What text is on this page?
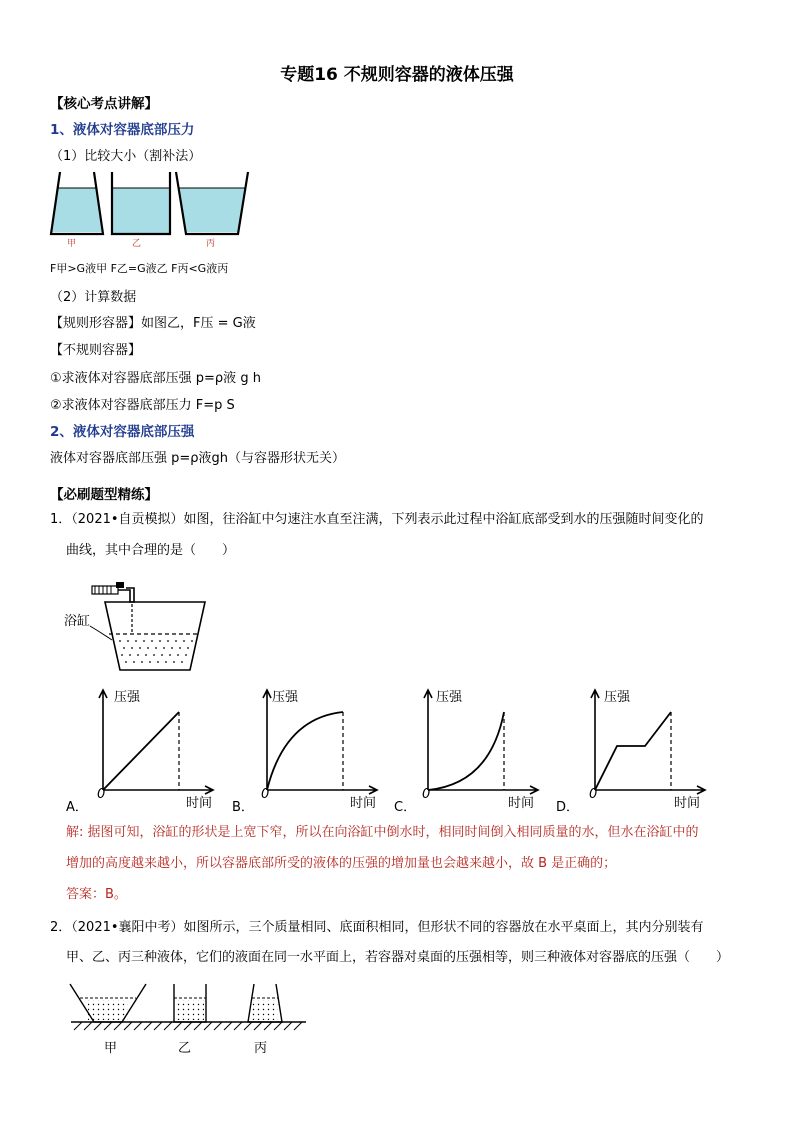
专题16 不规则容器的液体压强
【核心考点讲解】
1、液体对容器底部压力
（1）比较大小（割补法）
甲	乙	丙
F甲>G液甲 F乙=G液乙 F丙<G液丙
（2）计算数据
【规则形容器】如图乙，F压 = G液
【不规则容器】
①求液体对容器底部压强 p=ρ液 g h
②求液体对容器底部压力 F=p S
2、液体对容器底部压强
液体对容器底部压强 p=ρ液gh（与容器形状无关）
【必刷题型精练】
1．（2021•自贡模拟）如图，往浴缸中匀速注水直至注满，下列表示此过程中浴缸底部受到水的压强随时间变化的
曲线，其中合理的是（　　）
浴缸
压强	压强	压强	压强
时间	时间	时间	时间
0	0	0	0
A．	B．	C．	D．
解: 据图可知，浴缸的形状是上宽下窄，所以在向浴缸中倒水时，相同时间倒入相同质量的水，但水在浴缸中的
增加的高度越来越小，所以容器底部所受的液体的压强的增加量也会越来越小，故 B 是正确的；
答案：B。
2．（2021•襄阳中考）如图所示，三个质量相同、底面积相同，但形状不同的容器放在水平桌面上，其内分别装有
甲、乙、丙三种液体，它们的液面在同一水平面上，若容器对桌面的压强相等，则三种液体对容器底的压强（　　）
甲	乙	丙
